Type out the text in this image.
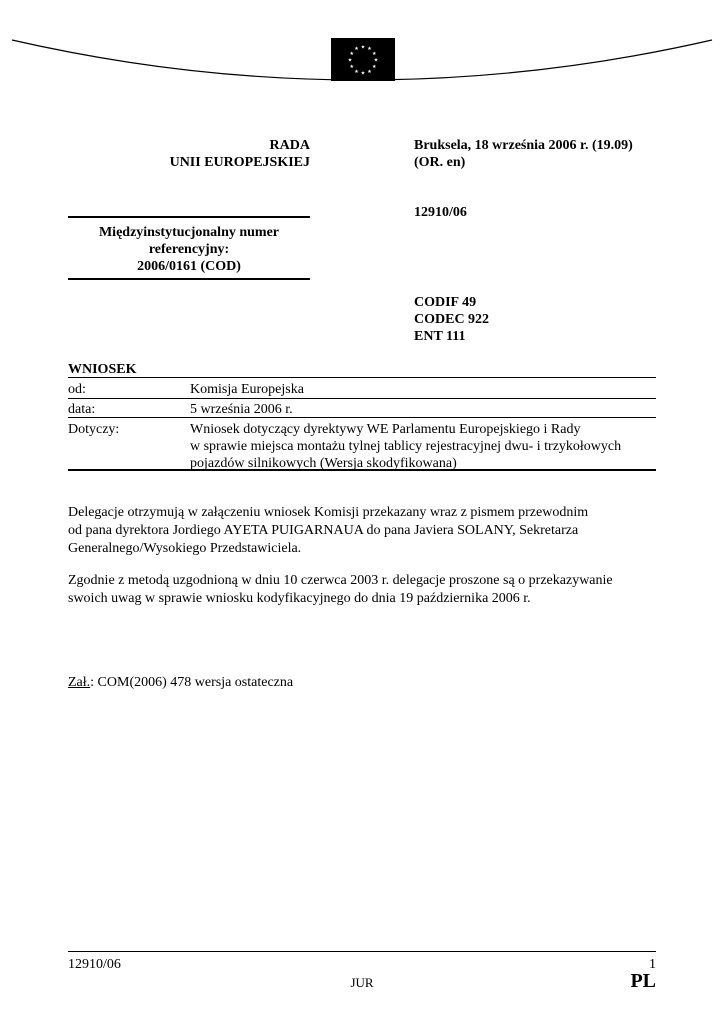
★ ★
★
★
★
★
★
★
★
★
★
★
RADA
UNII EUROPEJSKIEJ
Bruksela, 18 września 2006 r. (19.09)
(OR. en)
12910/06
Międzyinstytucjonalny numer
referencyjny:
2006/0161 (COD)
CODIF 49
CODEC 922
ENT 111
WNIOSEK
od:	Komisja Europejska
data:	5 września 2006 r.
Dotyczy:	Wniosek dotyczący dyrektywy WE Parlamentu Europejskiego i Rady
w sprawie miejsca montażu tylnej tablicy rejestracyjnej dwu- i trzykołowych
pojazdów silnikowych (Wersja skodyfikowana)
Delegacje otrzymują w załączeniu wniosek Komisji przekazany wraz z pismem przewodnim
od pana dyrektora Jordiego AYETA PUIGARNAUA do pana Javiera SOLANY, Sekretarza
Generalnego/Wysokiego Przedstawiciela.
Zgodnie z metodą uzgodnioną w dniu 10 czerwca 2003 r. delegacje proszone są o przekazywanie
swoich uwag w sprawie wniosku kodyfikacyjnego do dnia 19 października 2006 r.
Zał.: COM(2006) 478 wersja ostateczna
12910/06	1
JUR	PL
